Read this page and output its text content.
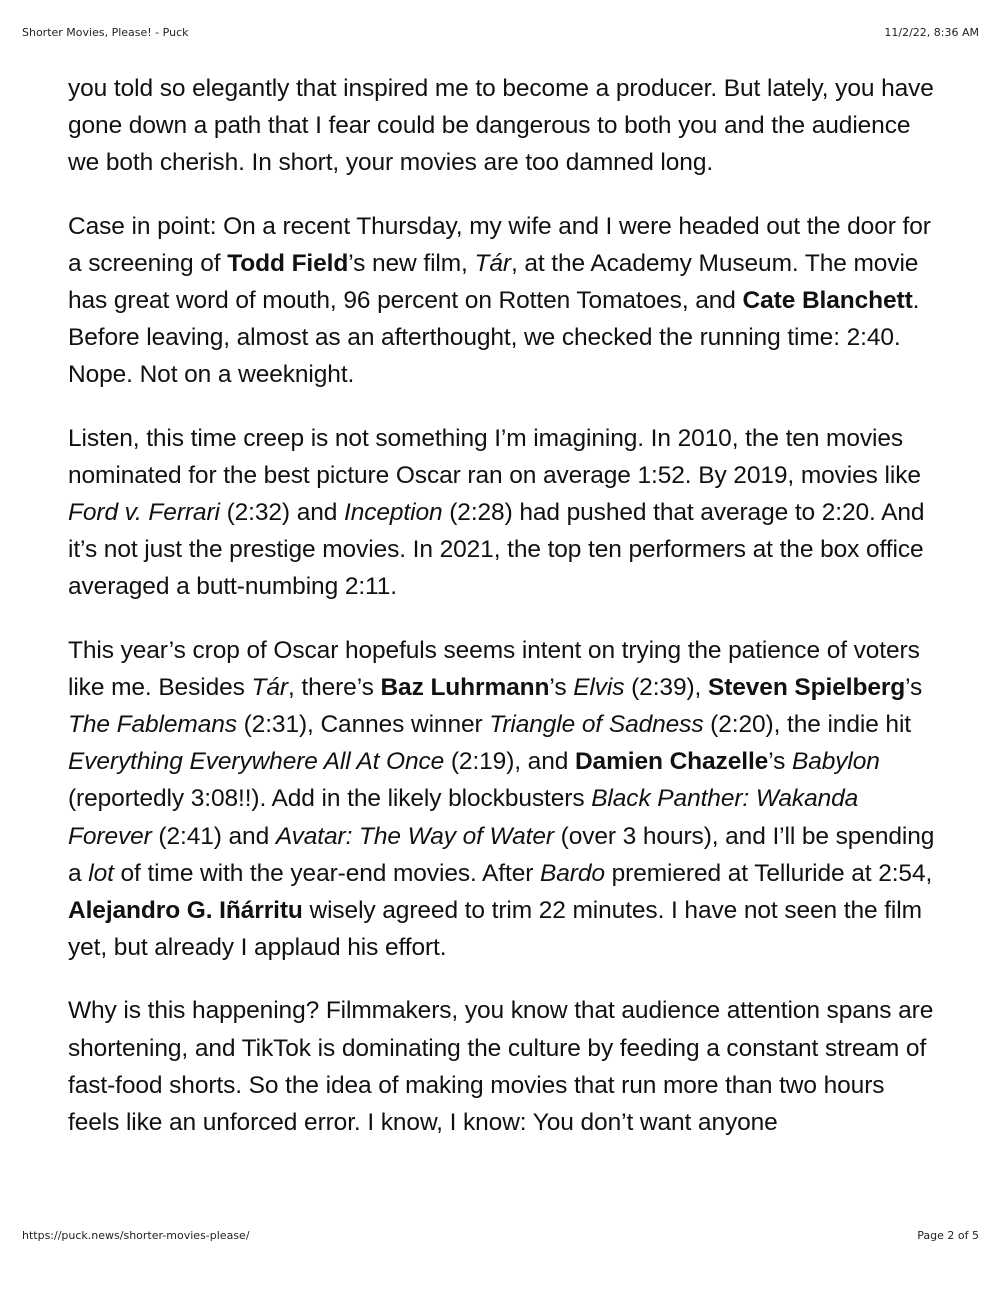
Shorter Movies, Please! - Puck	11/2/22, 8:36 AM

you told so elegantly that inspired me to become a producer. But lately, you have gone down a path that I fear could be dangerous to both you and the audience we both cherish. In short, your movies are too damned long.

Case in point: On a recent Thursday, my wife and I were headed out the door for a screening of Todd Field’s new film, Tár, at the Academy Museum. The movie has great word of mouth, 96 percent on Rotten Tomatoes, and Cate Blanchett. Before leaving, almost as an afterthought, we checked the running time: 2:40. Nope. Not on a weeknight.

Listen, this time creep is not something I’m imagining. In 2010, the ten movies nominated for the best picture Oscar ran on average 1:52. By 2019, movies like Ford v. Ferrari (2:32) and Inception (2:28) had pushed that average to 2:20. And it’s not just the prestige movies. In 2021, the top ten performers at the box office averaged a butt-numbing 2:11.

This year’s crop of Oscar hopefuls seems intent on trying the patience of voters like me. Besides Tár, there’s Baz Luhrmann’s Elvis (2:39), Steven Spielberg’s The Fablemans (2:31), Cannes winner Triangle of Sadness (2:20), the indie hit Everything Everywhere All At Once (2:19), and Damien Chazelle’s Babylon (reportedly 3:08!!). Add in the likely blockbusters Black Panther: Wakanda Forever (2:41) and Avatar: The Way of Water (over 3 hours), and I’ll be spending a lot of time with the year-end movies. After Bardo premiered at Telluride at 2:54, Alejandro G. Iñárritu wisely agreed to trim 22 minutes. I have not seen the film yet, but already I applaud his effort.

Why is this happening? Filmmakers, you know that audience attention spans are shortening, and TikTok is dominating the culture by feeding a constant stream of fast-food shorts. So the idea of making movies that run more than two hours feels like an unforced error. I know, I know: You don’t want anyone

https://puck.news/shorter-movies-please/	Page 2 of 5
